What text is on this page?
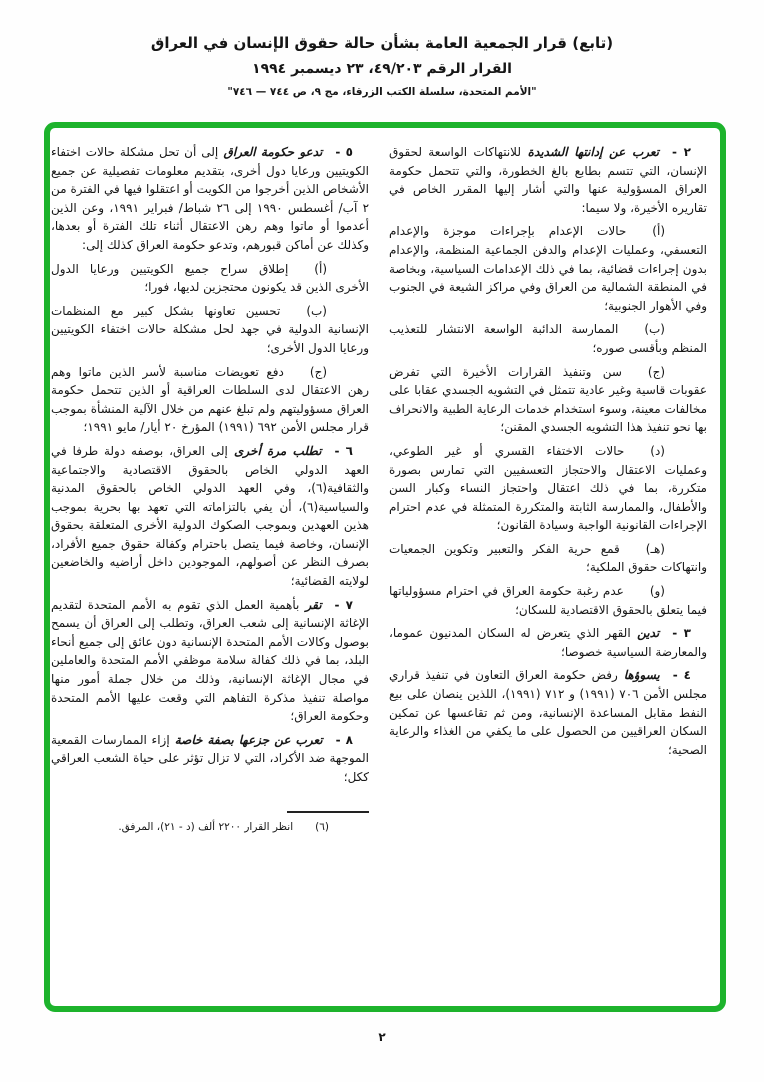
(تابع) قرار الجمعية العامة بشأن حالة حقوق الإنسان في العراق

القرار الرقم ٤٩/٢٠٣، ٢٣ ديسمبر ١٩٩٤

"الأمم المتحدة، سلسلة الكتب الزرقاء، مج ٩، ص ٧٤٤ — ٧٤٦"

٢ -تعرب عن إدانتها الشديدة للانتهاكات الواسعة لحقوق الإنسان، التي تتسم بطابع بالغ الخطورة، والتي تتحمل حكومة العراق المسؤولية عنها والتي أشار إليها المقرر الخاص في تقاريره الأخيرة، ولا سيما:

(أ)حالات الإعدام بإجراءات موجزة والإعدام التعسفي، وعمليات الإعدام والدفن الجماعية المنظمة، والإعدام بدون إجراءات قضائية، بما في ذلك الإعدامات السياسية، وبخاصة في المنطقة الشمالية من العراق وفي مراكز الشيعة في الجنوب وفي الأهوار الجنوبية؛

(ب)الممارسة الدائبة الواسعة الانتشار للتعذيب المنظم وبأقسى صوره؛

(ج)سن وتنفيذ القرارات الأخيرة التي تفرض عقوبات قاسية وغير عادية تتمثل في التشويه الجسدي عقابا على مخالفات معينة، وسوء استخدام خدمات الرعاية الطبية والانحراف بها نحو تنفيذ هذا التشويه الجسدي المقنن؛

(د)حالات الاختفاء القسري أو غير الطوعي، وعمليات الاعتقال والاحتجاز التعسفيين التي تمارس بصورة متكررة، بما في ذلك اعتقال واحتجاز النساء وكبار السن والأطفال، والممارسة الثابتة والمتكررة المتمثلة في عدم احترام الإجراءات القانونية الواجبة وسيادة القانون؛

(هـ)قمع حرية الفكر والتعبير وتكوين الجمعيات وانتهاكات حقوق الملكية؛

(و)عدم رغبة حكومة العراق في احترام مسؤولياتها فيما يتعلق بالحقوق الاقتصادية للسكان؛

٣ -تدين القهر الذي يتعرض له السكان المدنيون عموما، والمعارضة السياسية خصوصا؛

٤ -يسوؤها رفض حكومة العراق التعاون في تنفيذ قراري مجلس الأمن ٧٠٦ (١٩٩١) و ٧١٢ (١٩٩١)، اللذين ينصان على بيع النفط مقابل المساعدة الإنسانية، ومن ثم تقاعسها عن تمكين السكان العراقيين من الحصول على ما يكفي من الغذاء والرعاية الصحية؛

٥ -تدعو حكومة العراق إلى أن تحل مشكلة حالات اختفاء الكويتيين ورعايا دول أخرى، بتقديم معلومات تفصيلية عن جميع الأشخاص الذين أخرجوا من الكويت أو اعتقلوا فيها في الفترة من ٢ آب/ أغسطس ١٩٩٠ إلى ٢٦ شباط/ فبراير ١٩٩١، وعن الذين أعدموا أو ماتوا وهم رهن الاعتقال أثناء تلك الفترة أو بعدها، وكذلك عن أماكن قبورهم، وتدعو حكومة العراق كذلك إلى:

(أ)إطلاق سراح جميع الكويتيين ورعايا الدول الأخرى الذين قد يكونون محتجزين لديها، فورا؛

(ب)تحسين تعاونها بشكل كبير مع المنظمات الإنسانية الدولية في جهد لحل مشكلة حالات اختفاء الكويتيين ورعايا الدول الأخرى؛

(ج)دفع تعويضات مناسبة لأسر الذين ماتوا وهم رهن الاعتقال لدى السلطات العراقية أو الذين تتحمل حكومة العراق مسؤوليتهم ولم تبلغ عنهم من خلال الآلية المنشأة بموجب قرار مجلس الأمن ٦٩٢ (١٩٩١) المؤرخ ٢٠ أيار/ مايو ١٩٩١؛

٦ -تطلب مرة أخرى إلى العراق، بوصفه دولة طرفا في العهد الدولي الخاص بالحقوق الاقتصادية والاجتماعية والثقافية(٦)، وفي العهد الدولي الخاص بالحقوق المدنية والسياسية(٦)، أن يفي بالتزاماته التي تعهد بها بحرية بموجب هذين العهدين وبموجب الصكوك الدولية الأخرى المتعلقة بحقوق الإنسان، وخاصة فيما يتصل باحترام وكفالة حقوق جميع الأفراد، بصرف النظر عن أصولهم، الموجودين داخل أراضيه والخاضعين لولايته القضائية؛

٧ -تقر بأهمية العمل الذي تقوم به الأمم المتحدة لتقديم الإغاثة الإنسانية إلى شعب العراق، وتطلب إلى العراق أن يسمح بوصول وكالات الأمم المتحدة الإنسانية دون عائق إلى جميع أنحاء البلد، بما في ذلك كفالة سلامة موظفي الأمم المتحدة والعاملين في مجال الإغاثة الإنسانية، وذلك من خلال جملة أمور منها مواصلة تنفيذ مذكرة التفاهم التي وقعت عليها الأمم المتحدة وحكومة العراق؛

٨ -تعرب عن جزعها بصفة خاصة إزاء الممارسات القمعية الموجهة ضد الأكراد، التي لا تزال تؤثر على حياة الشعب العراقي ككل؛

(٦)انظر القرار ٢٢٠٠ ألف (د - ٢١)، المرفق.

٢
